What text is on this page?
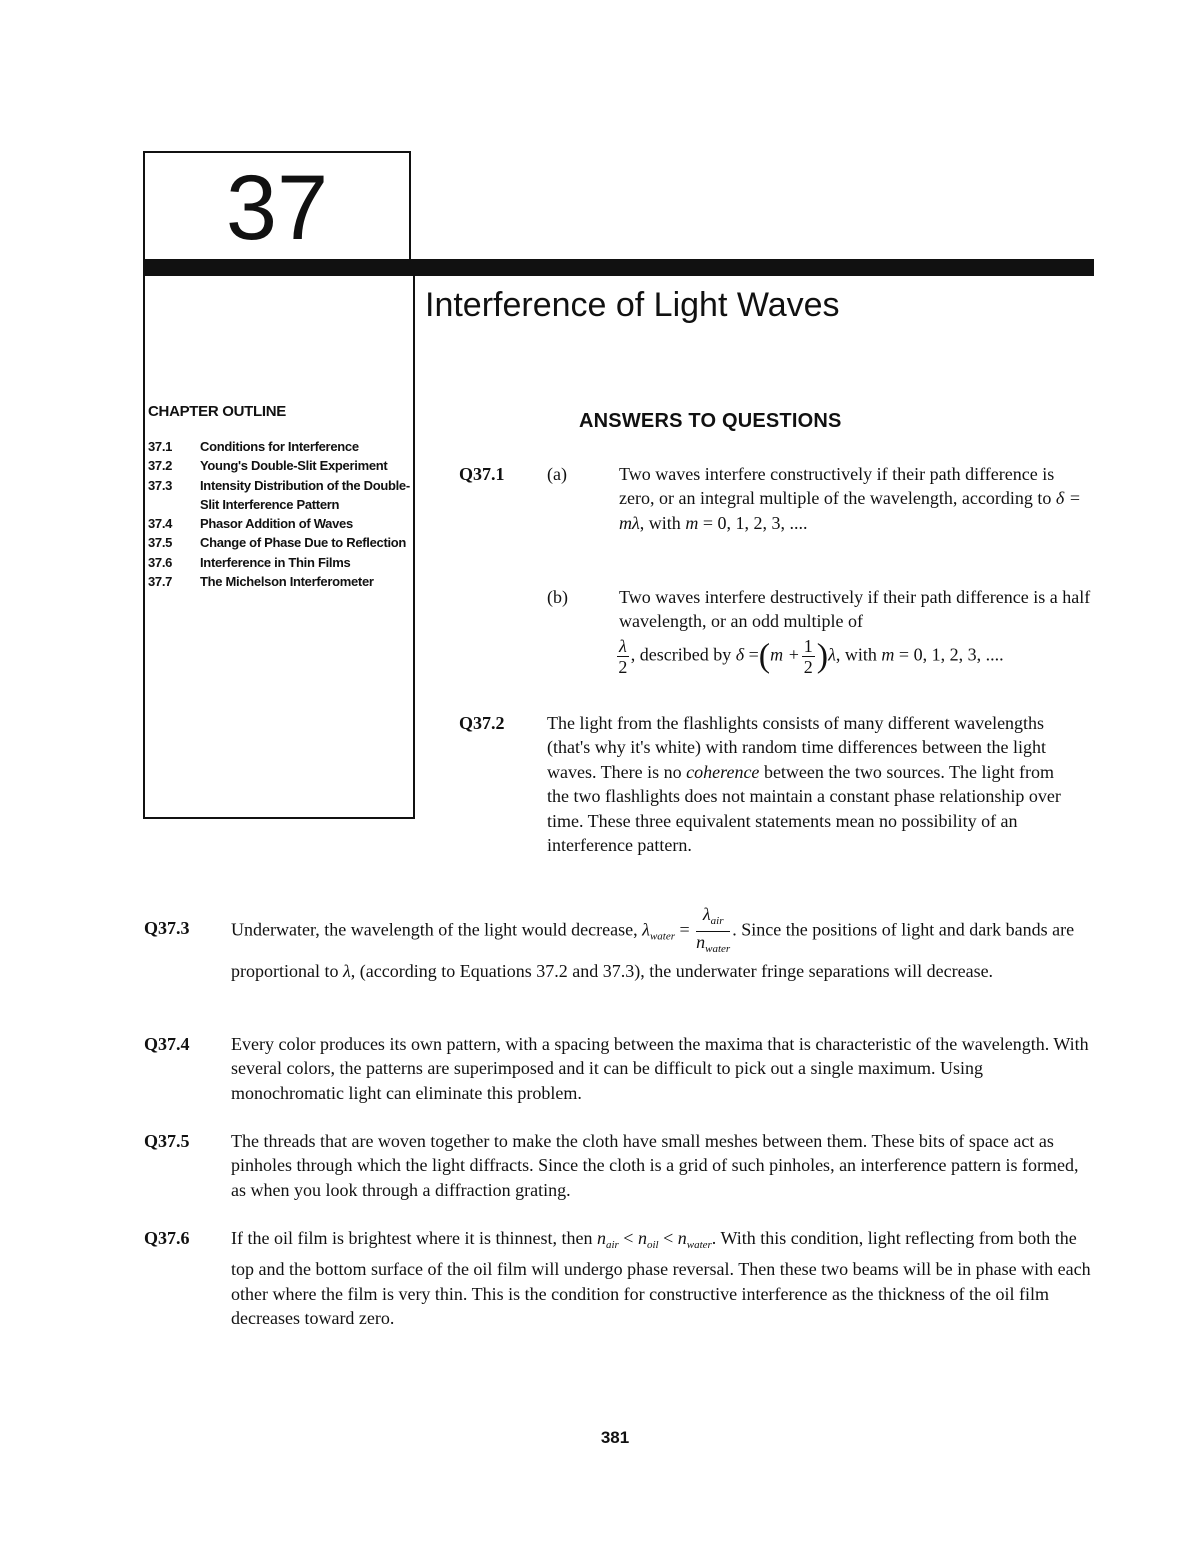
37
Interference of Light Waves
CHAPTER OUTLINE
37.1	Conditions for Interference
37.2	Young's Double-Slit Experiment
37.3	Intensity Distribution of the Double-Slit Interference Pattern
37.4	Phasor Addition of Waves
37.5	Change of Phase Due to Reflection
37.6	Interference in Thin Films
37.7	The Michelson Interferometer
ANSWERS TO QUESTIONS
Q37.1 (a)	Two waves interfere constructively if their path difference is zero, or an integral multiple of the wavelength, according to δ = mλ, with m = 0, 1, 2, 3, ....
(b)	Two waves interfere destructively if their path difference is a half wavelength, or an odd multiple of
$\frac{\lambda}{2}$ , described by $\delta =(m + \frac{1}{2} )\lambda$, with m = 0, 1, 2, 3, ....
Q37.2 The light from the flashlights consists of many different wavelengths (that's why it's white) with random time differences between the light waves. There is no coherence between the two sources. The light from the two flashlights does not maintain a constant phase relationship over time. These three equivalent statements mean no possibility of an interference pattern.
Q37.3 Underwater, the wavelength of the light would decrease, $\lambda_{water} = \frac{\lambda_{air}}{n_{water}}$ . Since the positions of light and dark bands are proportional to λ, (according to Equations 37.2 and 37.3), the underwater fringe separations will decrease.
Q37.4 Every color produces its own pattern, with a spacing between the maxima that is characteristic of the wavelength. With several colors, the patterns are superimposed and it can be difficult to pick out a single maximum. Using monochromatic light can eliminate this problem.
Q37.5 The threads that are woven together to make the cloth have small meshes between them. These bits of space act as pinholes through which the light diffracts. Since the cloth is a grid of such pinholes, an interference pattern is formed, as when you look through a diffraction grating.
Q37.6 If the oil film is brightest where it is thinnest, then $n_{air} < n_{oil} < n_{water}$. With this condition, light reflecting from both the top and the bottom surface of the oil film will undergo phase reversal. Then these two beams will be in phase with each other where the film is very thin. This is the condition for constructive interference as the thickness of the oil film decreases toward zero.
381
